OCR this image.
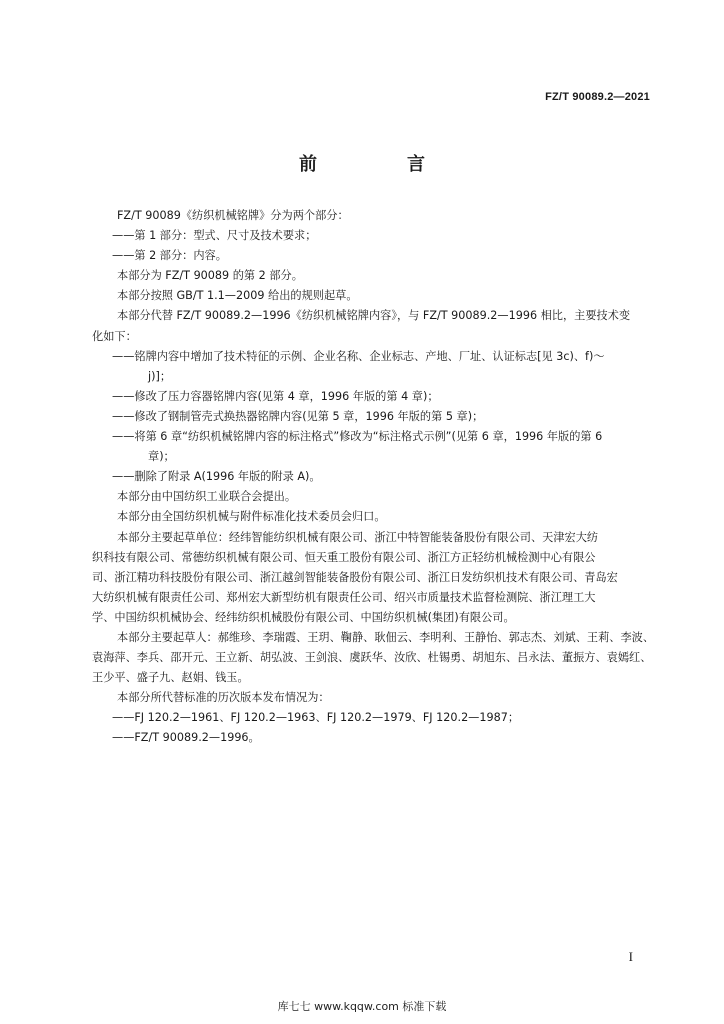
FZ/T 90089.2—2021
前　言
FZ/T 90089《纺织机械铭牌》分为两个部分：
——第 1 部分：型式、尺寸及技术要求；
——第 2 部分：内容。
本部分为 FZ/T 90089 的第 2 部分。
本部分按照 GB/T 1.1—2009 给出的规则起草。
本部分代替 FZ/T 90089.2—1996《纺织机械铭牌内容》，与 FZ/T 90089.2—1996 相比，主要技术变
化如下：
——铭牌内容中增加了技术特征的示例、企业名称、企业标志、产地、厂址、认证标志[见 3c)、f)～
j)]；
——修改了压力容器铭牌内容(见第 4 章，1996 年版的第 4 章)；
——修改了钢制管壳式换热器铭牌内容(见第 5 章，1996 年版的第 5 章)；
——将第 6 章“纺织机械铭牌内容的标注格式”修改为“标注格式示例”(见第 6 章，1996 年版的第 6
章)；
——删除了附录 A(1996 年版的附录 A)。
本部分由中国纺织工业联合会提出。
本部分由全国纺织机械与附件标准化技术委员会归口。
本部分主要起草单位：经纬智能纺织机械有限公司、浙江中特智能装备股份有限公司、天津宏大纺
织科技有限公司、常德纺织机械有限公司、恒天重工股份有限公司、浙江方正轻纺机械检测中心有限公
司、浙江精功科技股份有限公司、浙江越剑智能装备股份有限公司、浙江日发纺织机技术有限公司、青岛宏
大纺织机械有限责任公司、郑州宏大新型纺机有限责任公司、绍兴市质量技术监督检测院、浙江理工大
学、中国纺织机械协会、经纬纺织机械股份有限公司、中国纺织机械(集团)有限公司。
本部分主要起草人：郝维珍、李瑞霞、王玥、鞠静、耿佃云、李明利、王静怡、郭志杰、刘斌、王莉、李波、
袁海萍、李兵、邵开元、王立新、胡弘波、王剑浪、虞跃华、汝欣、杜锡勇、胡旭东、吕永法、董振方、袁嫣红、
王少平、盛子九、赵娟、钱玉。
本部分所代替标准的历次版本发布情况为：
——FJ 120.2—1961、FJ 120.2—1963、FJ 120.2—1979、FJ 120.2—1987；
——FZ/T 90089.2—1996。
I
库七七 www.kqqw.com 标准下载
